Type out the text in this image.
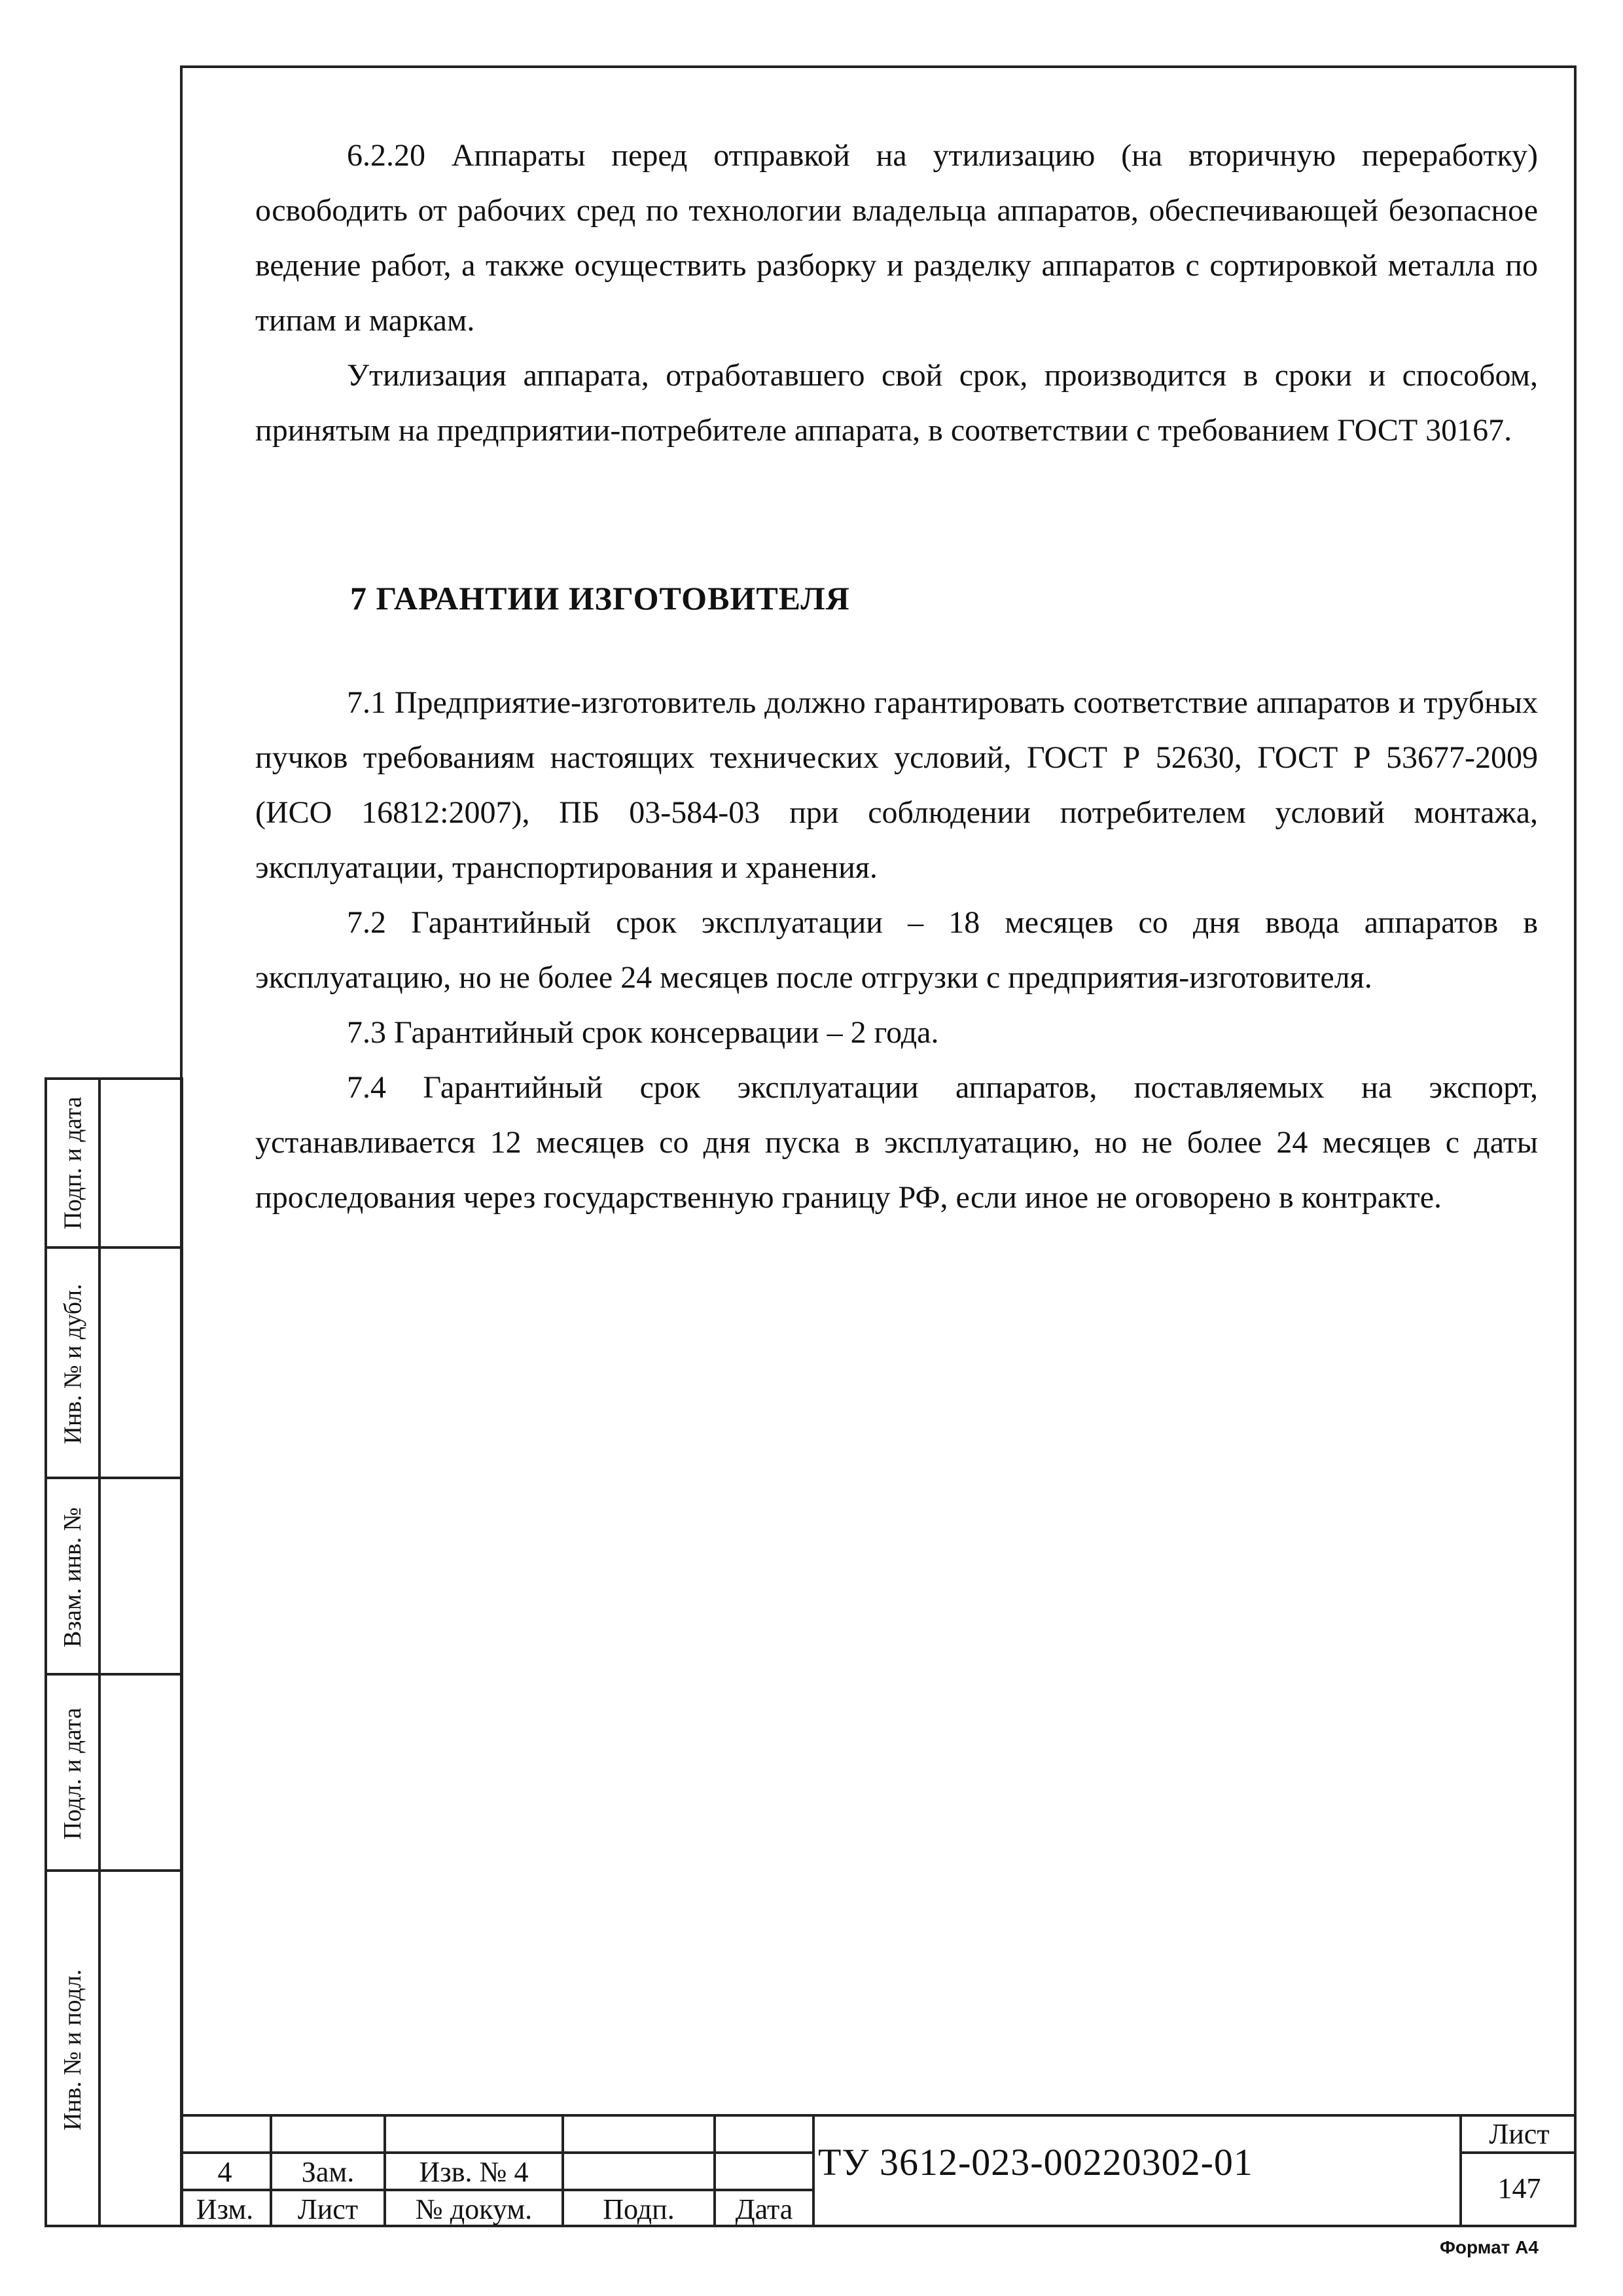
6.2.20 Аппараты перед отправкой на утилизацию (на вторичную переработку) освободить от рабочих сред по технологии владельца аппаратов, обеспечивающей безопасное ведение работ, а также осуществить разборку и разделку аппаратов с сортировкой металла по типам и маркам.

Утилизация аппарата, отработавшего свой срок, производится в сроки и способом, принятым на предприятии-потребителе аппарата, в соответствии с требованием ГОСТ 30167.

7 ГАРАНТИИ ИЗГОТОВИТЕЛЯ

7.1 Предприятие-изготовитель должно гарантировать соответствие аппаратов и трубных пучков требованиям настоящих технических условий, ГОСТ Р 52630, ГОСТ Р 53677-2009 (ИСО 16812:2007), ПБ 03-584-03 при соблюдении потребителем условий монтажа, эксплуатации, транспортирования и хранения.

7.2 Гарантийный срок эксплуатации – 18 месяцев со дня ввода аппаратов в эксплуатацию, но не более 24 месяцев после отгрузки с предприятия-изготовителя.

7.3 Гарантийный срок консервации – 2 года.

7.4 Гарантийный срок эксплуатации аппаратов, поставляемых на экспорт, устанавливается 12 месяцев со дня пуска в эксплуатацию, но не более 24 месяцев с даты проследования через государственную границу РФ, если иное не оговорено в контракте.

Подп. и дата
Инв. № и дубл.
Взам. инв. №
Подл. и дата
Инв. № и подл.
4	Зам.	Изв. № 4
Изм.	Лист	№ докум.	Подп.	Дата
Лист
147
ТУ 3612-023-00220302-01
Формат А4
